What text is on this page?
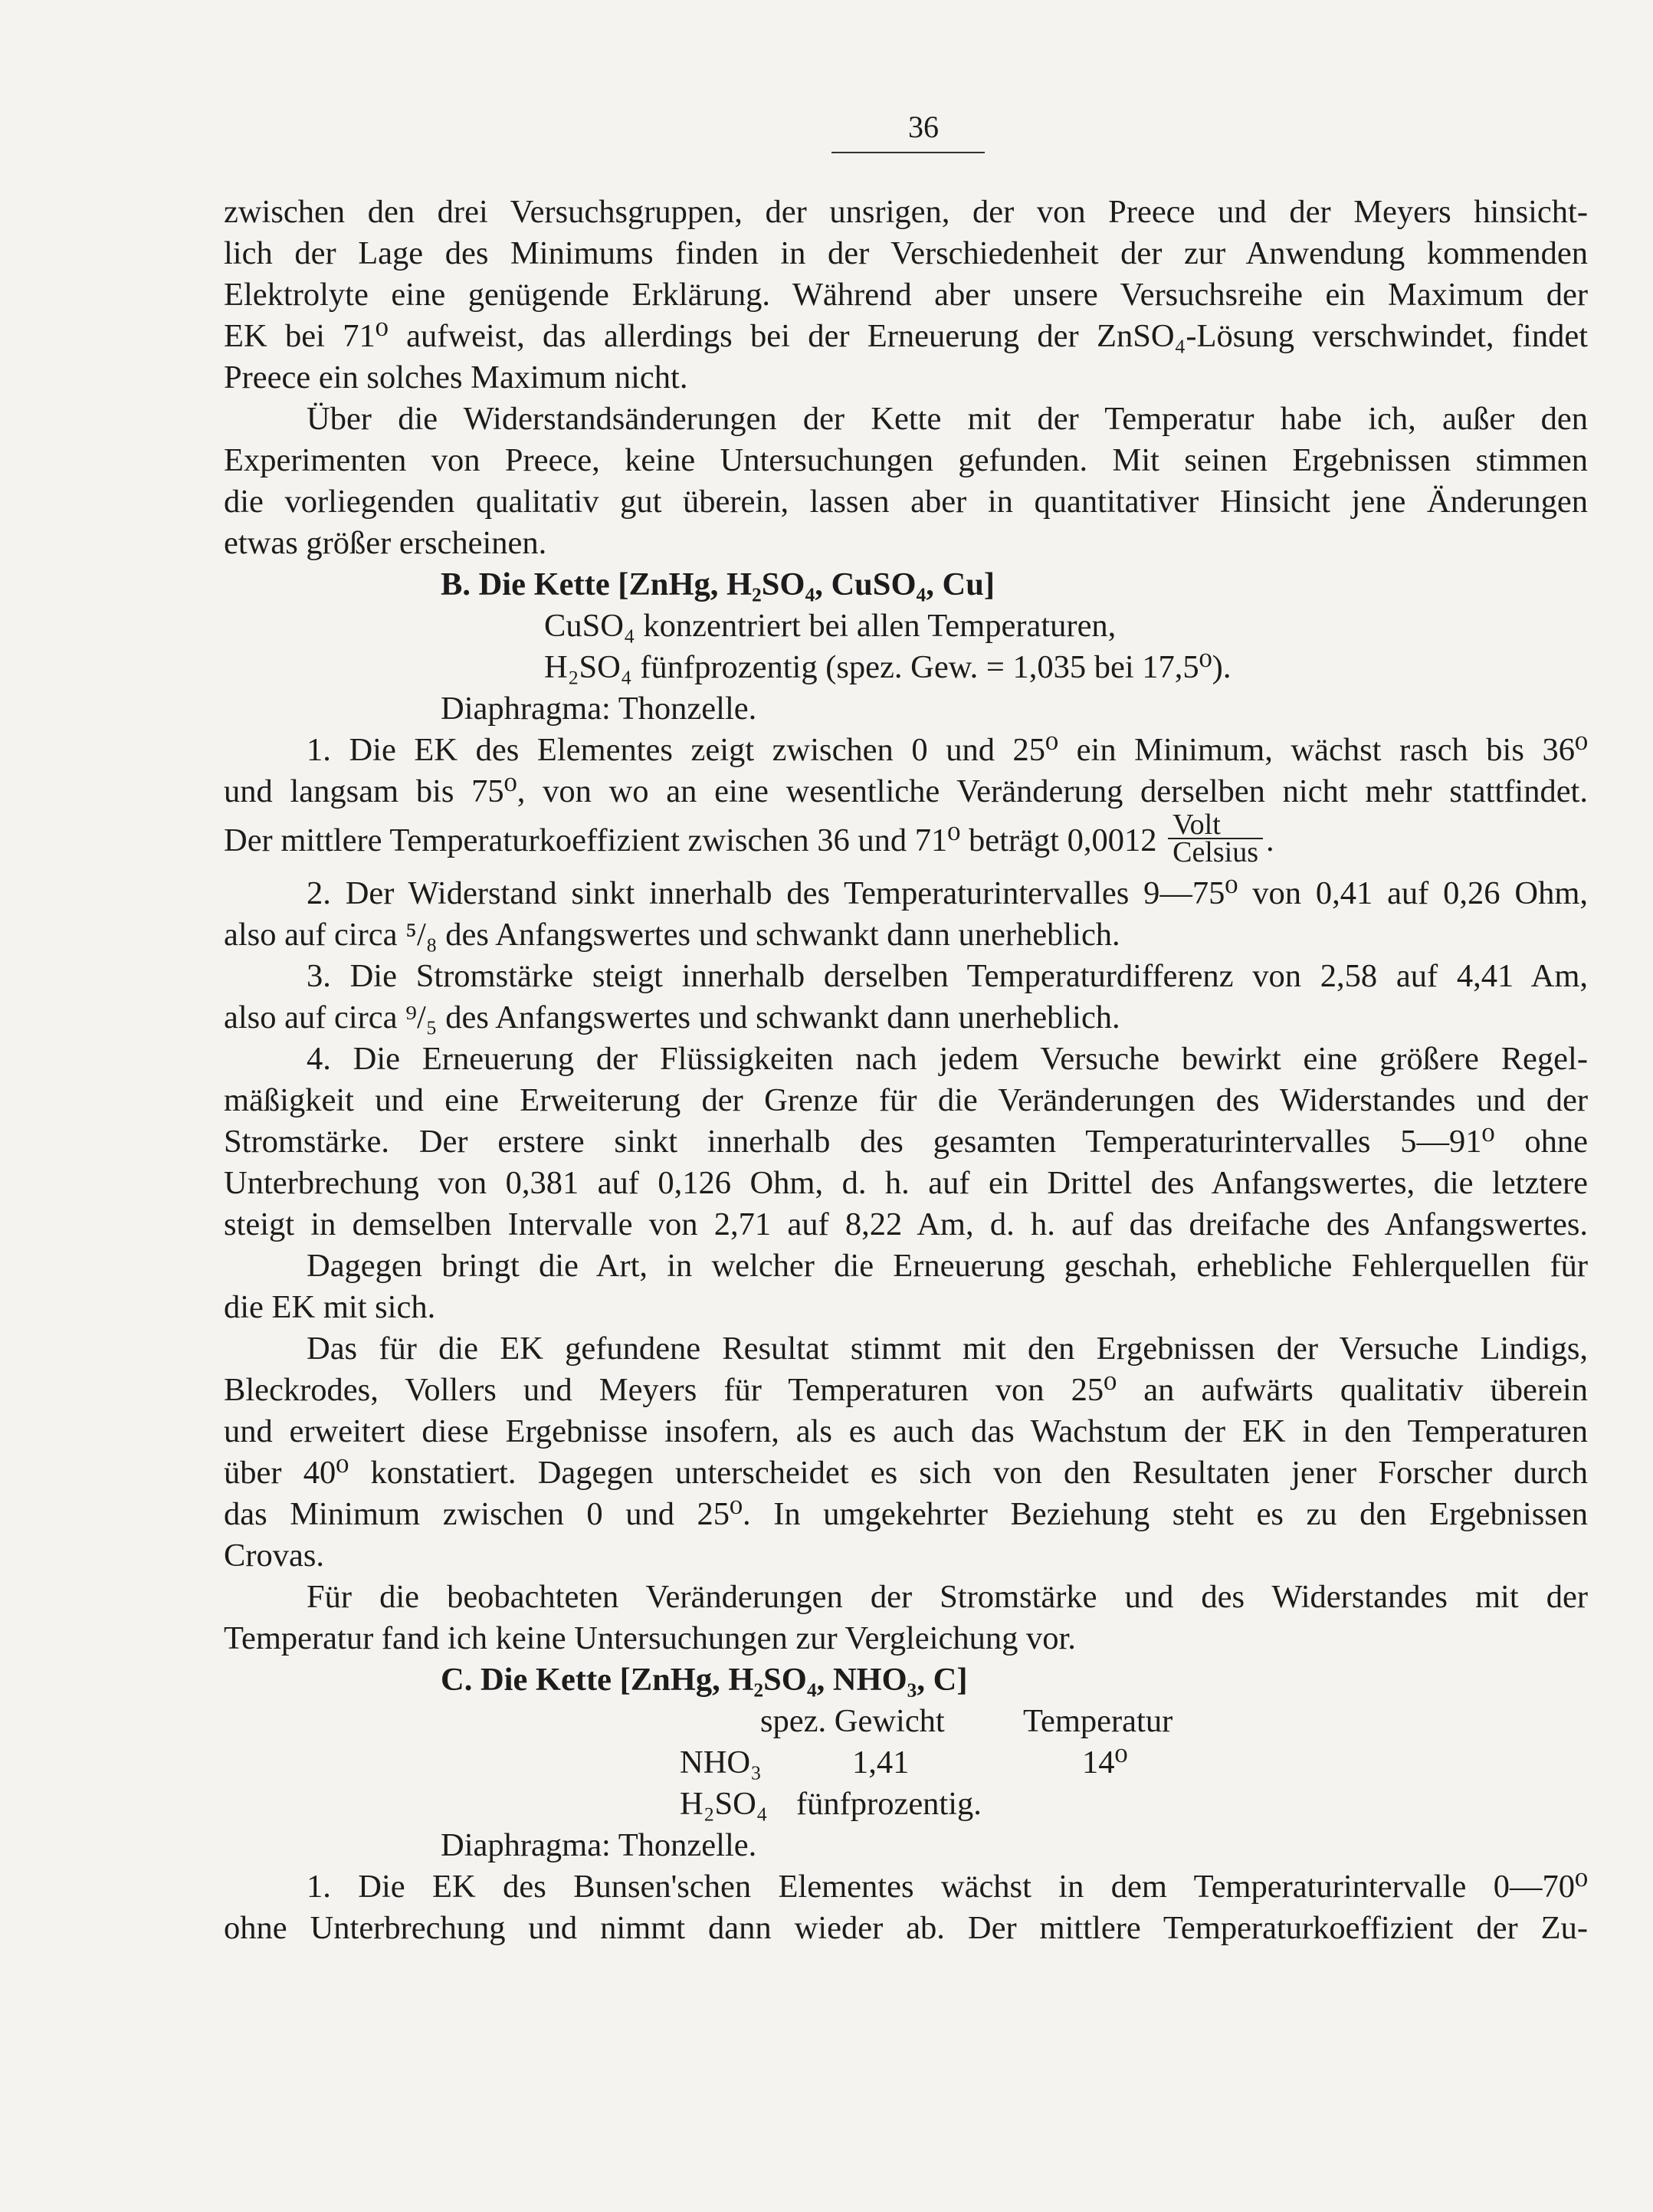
36
zwischen den drei Versuchsgruppen, der unsrigen, der von Preece und der Meyers hinsicht-
lich der Lage des Minimums finden in der Verschiedenheit der zur Anwendung kommenden
Elektrolyte eine genügende Erklärung. Während aber unsere Versuchsreihe ein Maximum der
EK bei 71⁰ aufweist, das allerdings bei der Erneuerung der ZnSO₄-Lösung verschwindet, findet
Preece ein solches Maximum nicht.
Über die Widerstandsänderungen der Kette mit der Temperatur habe ich, außer den
Experimenten von Preece, keine Untersuchungen gefunden. Mit seinen Ergebnissen stimmen
die vorliegenden qualitativ gut überein, lassen aber in quantitativer Hinsicht jene Änderungen
etwas größer erscheinen.
B. Die Kette [ZnHg, H₂SO₄, CuSO₄, Cu]
CuSO₄ konzentriert bei allen Temperaturen,
H₂SO₄ fünfprozentig (spez. Gew. = 1,035 bei 17,5⁰).
Diaphragma: Thonzelle.
1. Die EK des Elementes zeigt zwischen 0 und 25⁰ ein Minimum, wächst rasch bis 36⁰
und langsam bis 75⁰, von wo an eine wesentliche Veränderung derselben nicht mehr stattfindet.
Der mittlere Temperaturkoeffizient zwischen 36 und 71⁰ beträgt $0,0012 \frac{\text{Volt}}{\text{Celsius}}$ .
2. Der Widerstand sinkt innerhalb des Temperaturintervalles 9—75⁰ von 0,41 auf 0,26 Ohm,
also auf circa ⁵/₈ des Anfangswertes und schwankt dann unerheblich.
3. Die Stromstärke steigt innerhalb derselben Temperaturdifferenz von 2,58 auf 4,41 Am,
also auf circa ⁹/₅ des Anfangswertes und schwankt dann unerheblich.
4. Die Erneuerung der Flüssigkeiten nach jedem Versuche bewirkt eine größere Regel-
mäßigkeit und eine Erweiterung der Grenze für die Veränderungen des Widerstandes und der
Stromstärke. Der erstere sinkt innerhalb des gesamten Temperaturintervalles 5—91⁰ ohne
Unterbrechung von 0,381 auf 0,126 Ohm, d. h. auf ein Drittel des Anfangswertes, die letztere
steigt in demselben Intervalle von 2,71 auf 8,22 Am, d. h. auf das dreifache des Anfangswertes.
Dagegen bringt die Art, in welcher die Erneuerung geschah, erhebliche Fehlerquellen für
die EK mit sich.
Das für die EK gefundene Resultat stimmt mit den Ergebnissen der Versuche Lindigs,
Bleckrodes, Vollers und Meyers für Temperaturen von 25⁰ an aufwärts qualitativ überein
und erweitert diese Ergebnisse insofern, als es auch das Wachstum der EK in den Temperaturen
über 40⁰ konstatiert. Dagegen unterscheidet es sich von den Resultaten jener Forscher durch
das Minimum zwischen 0 und 25⁰. In umgekehrter Beziehung steht es zu den Ergebnissen
Crovas.
Für die beobachteten Veränderungen der Stromstärke und des Widerstandes mit der
Temperatur fand ich keine Untersuchungen zur Vergleichung vor.
C. Die Kette [ZnHg, H₂SO₄, NHO₃, C]
spez. Gewicht Temperatur
NHO₃	1,41	14⁰
H₂SO₄ fünfprozentig.
Diaphragma: Thonzelle.
1. Die EK des Bunsen'schen Elementes wächst in dem Temperaturintervalle 0—70⁰
ohne Unterbrechung und nimmt dann wieder ab. Der mittlere Temperaturkoeffizient der Zu-
